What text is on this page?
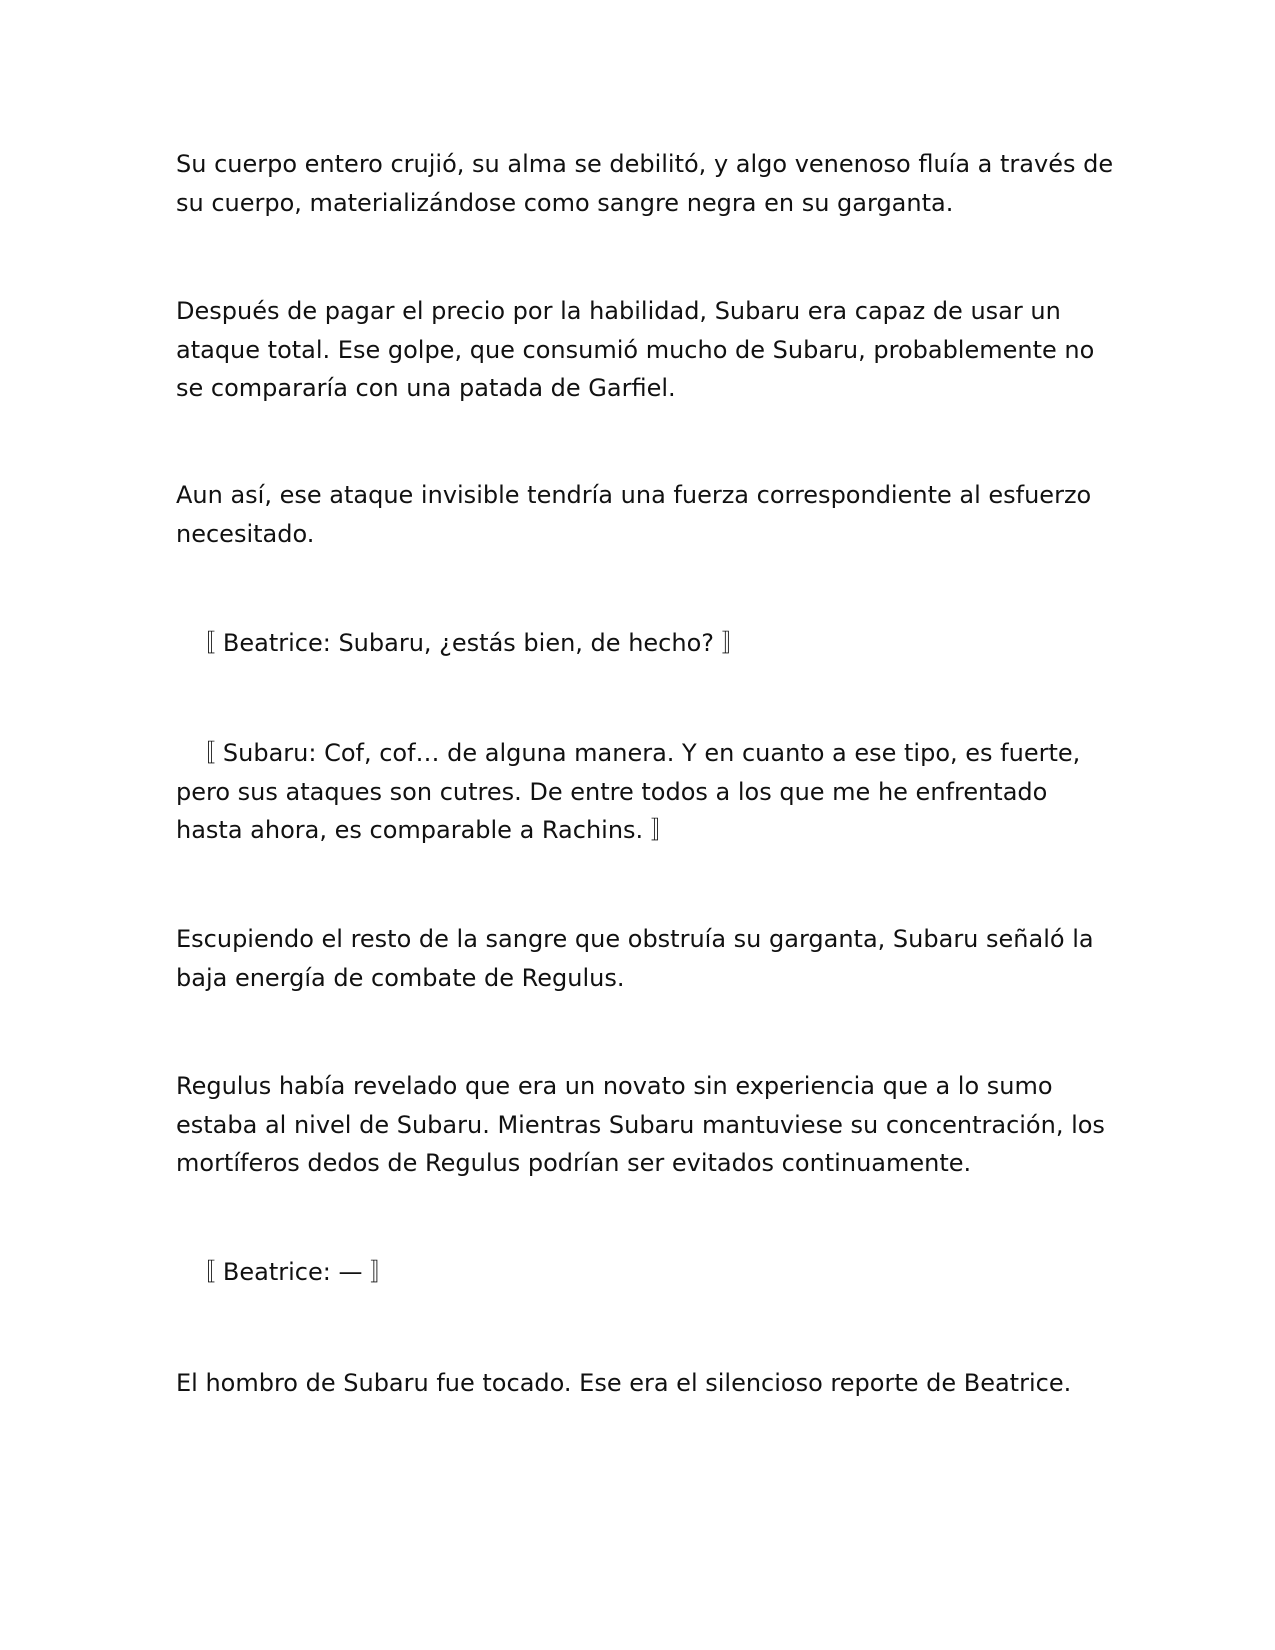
Su cuerpo entero crujió, su alma se debilitó, y algo venenoso fluía a través de
su cuerpo, materializándose como sangre negra en su garganta.

Después de pagar el precio por la habilidad, Subaru era capaz de usar un
ataque total. Ese golpe, que consumió mucho de Subaru, probablemente no
se compararía con una patada de Garfiel.

Aun así, ese ataque invisible tendría una fuerza correspondiente al esfuerzo
necesitado.

〚 Beatrice: Subaru, ¿estás bien, de hecho? 〛

〚 Subaru: Cof, cof… de alguna manera. Y en cuanto a ese tipo, es fuerte,
pero sus ataques son cutres. De entre todos a los que me he enfrentado
hasta ahora, es comparable a Rachins. 〛

Escupiendo el resto de la sangre que obstruía su garganta, Subaru señaló la
baja energía de combate de Regulus.

Regulus había revelado que era un novato sin experiencia que a lo sumo
estaba al nivel de Subaru. Mientras Subaru mantuviese su concentración, los
mortíferos dedos de Regulus podrían ser evitados continuamente.

〚 Beatrice: — 〛

El hombro de Subaru fue tocado. Ese era el silencioso reporte de Beatrice.
